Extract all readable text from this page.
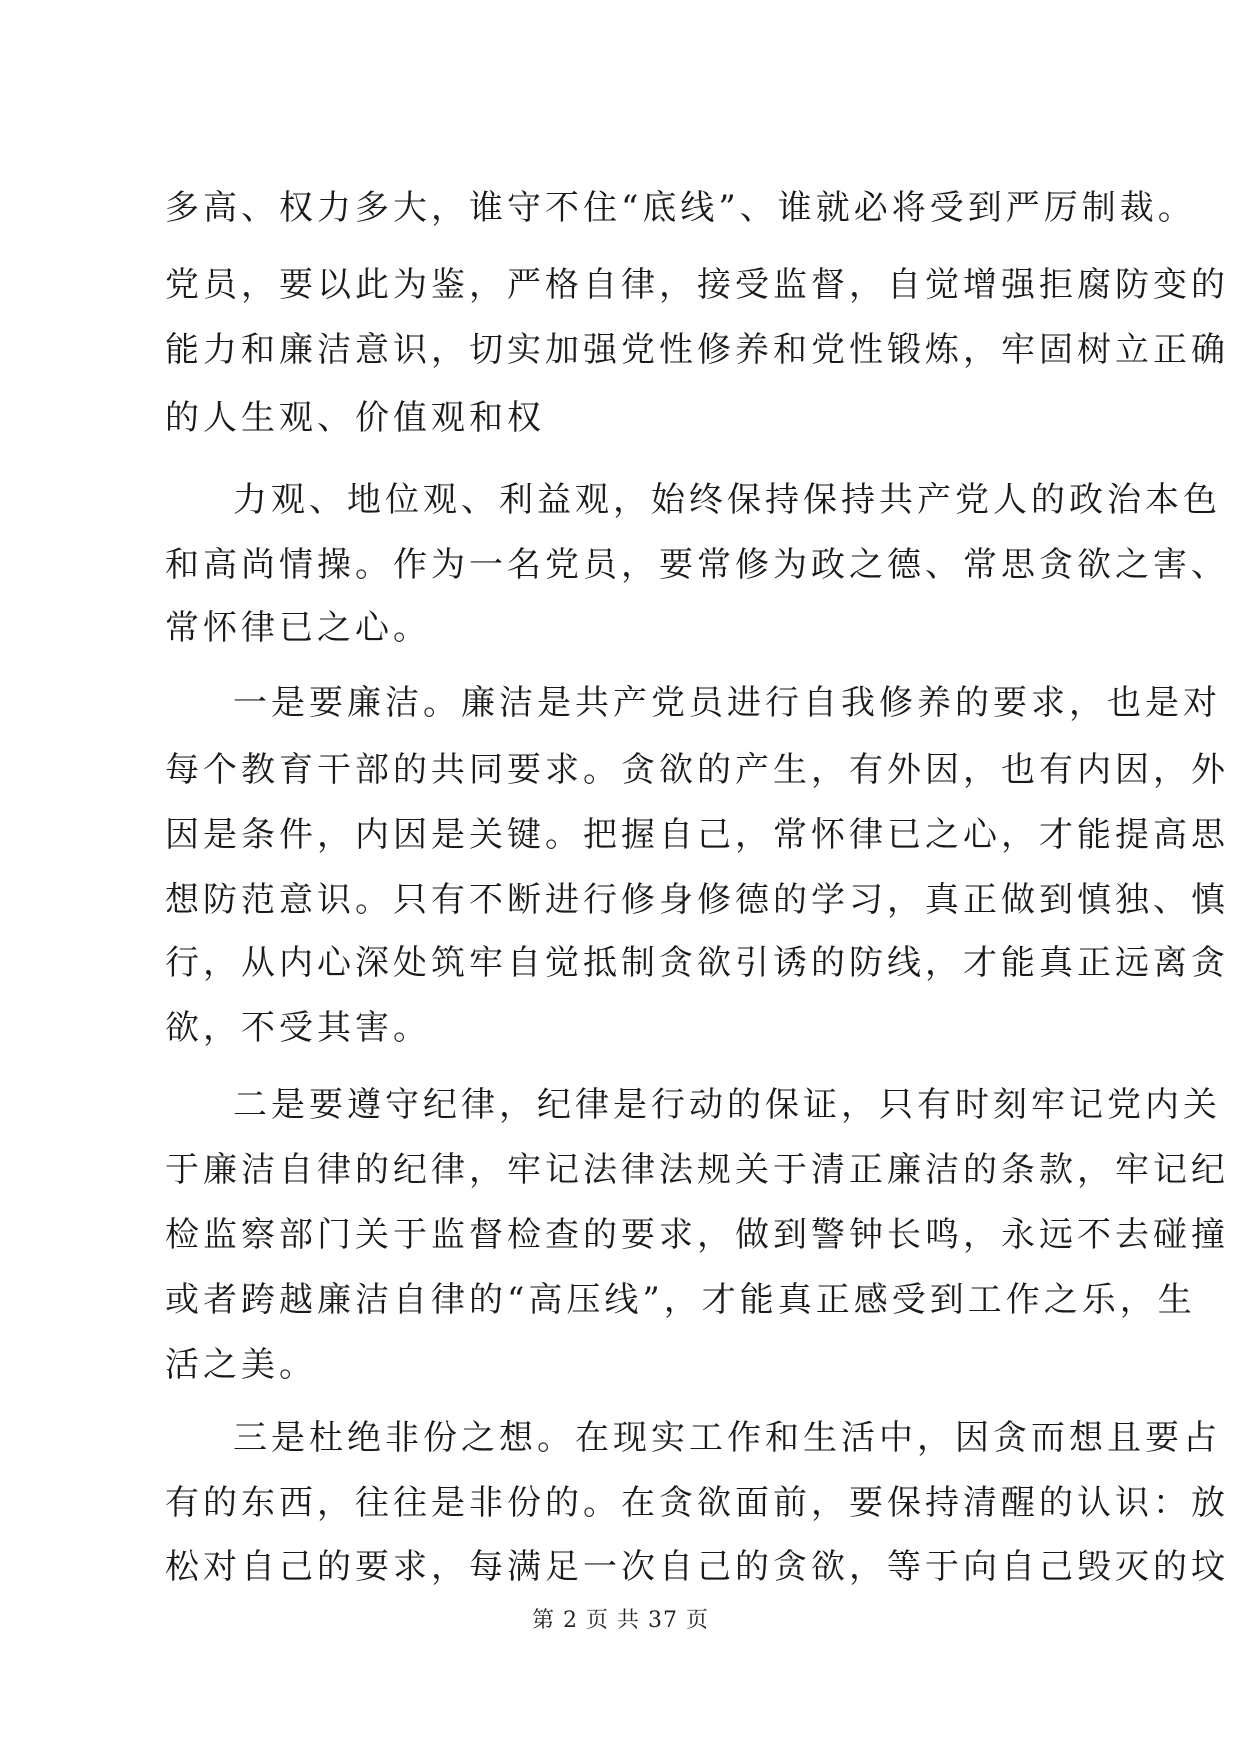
多高、权力多大，谁守不住“底线”、谁就必将受到严厉制裁。
党员，要以此为鉴，严格自律，接受监督，自觉增强拒腐防变的
能力和廉洁意识，切实加强党性修养和党性锻炼，牢固树立正确
的人生观、价值观和权
力观、地位观、利益观，始终保持保持共产党人的政治本色
和高尚情操。作为一名党员，要常修为政之德、常思贪欲之害、
常怀律已之心。
一是要廉洁。廉洁是共产党员进行自我修养的要求，也是对
每个教育干部的共同要求。贪欲的产生，有外因，也有内因，外
因是条件，内因是关键。把握自己，常怀律已之心，才能提高思
想防范意识。只有不断进行修身修德的学习，真正做到慎独、慎
行，从内心深处筑牢自觉抵制贪欲引诱的防线，才能真正远离贪
欲，不受其害。
二是要遵守纪律，纪律是行动的保证，只有时刻牢记党内关
于廉洁自律的纪律，牢记法律法规关于清正廉洁的条款，牢记纪
检监察部门关于监督检查的要求，做到警钟长鸣，永远不去碰撞
或者跨越廉洁自律的“高压线”，才能真正感受到工作之乐，生
活之美。
三是杜绝非份之想。在现实工作和生活中，因贪而想且要占
有的东西，往往是非份的。在贪欲面前，要保持清醒的认识：放
松对自己的要求，每满足一次自己的贪欲，等于向自己毁灭的坟
第 2 页 共 37 页
